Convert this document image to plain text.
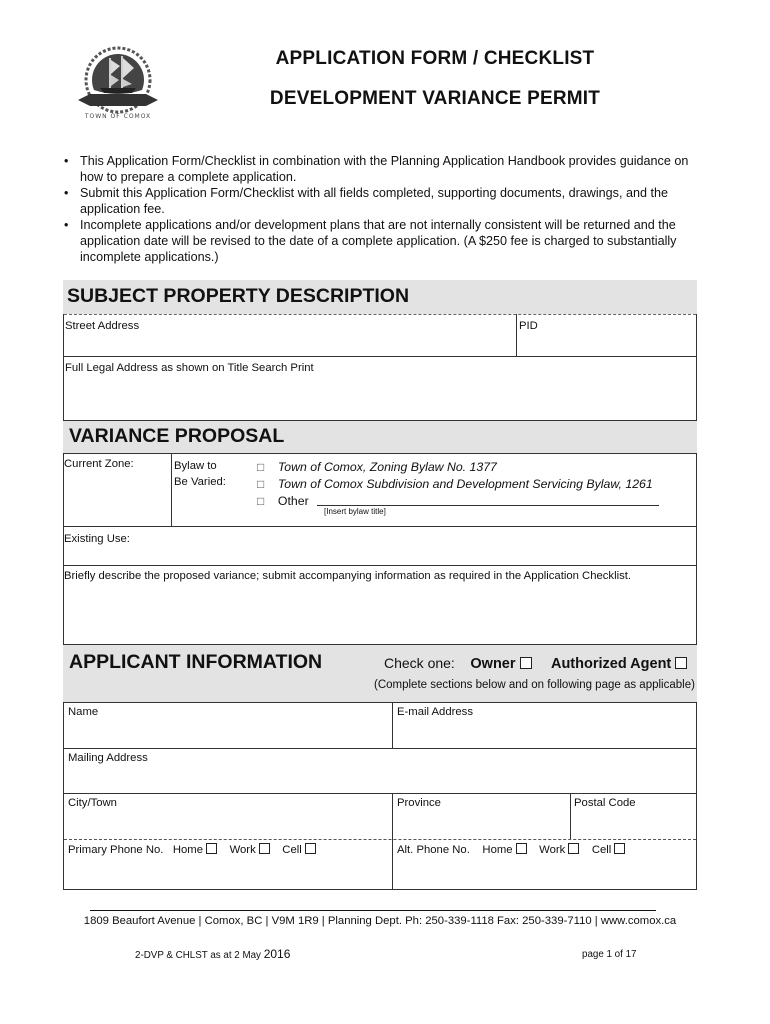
TOWN OF COMOX
APPLICATION FORM / CHECKLIST
DEVELOPMENT VARIANCE PERMIT
• This Application Form/Checklist in combination with the Planning Application Handbook provides guidance on how to prepare a complete application.
• Submit this Application Form/Checklist with all fields completed, supporting documents, drawings, and the application fee.
• Incomplete applications and/or development plans that are not internally consistent will be returned and the application date will be revised to the date of a complete application. (A $250 fee is charged to substantially incomplete applications.)
SUBJECT PROPERTY DESCRIPTION
Street Address	PID
Full Legal Address as shown on Title Search Print
VARIANCE PROPOSAL
Current Zone:	Bylaw to
Be Varied:
□ Town of Comox, Zoning Bylaw No. 1377
□ Town of Comox Subdivision and Development Servicing Bylaw, 1261
□ Other
[Insert bylaw title]
Existing Use:
Briefly describe the proposed variance; submit accompanying information as required in the Application Checklist.
APPLICANT INFORMATION	Check one: Owner Authorized Agent
(Complete sections below and on following page as applicable)
Name	E-mail Address
Mailing Address
City/Town	Province	Postal Code
Primary Phone No. Home Work Cell	Alt. Phone No. Home Work Cell
1809 Beaufort Avenue | Comox, BC | V9M 1R9 | Planning Dept. Ph: 250-339-1118 Fax: 250-339-7110 | www.comox.ca
2-DVP & CHLST as at 2 May 2016	page 1 of 17
